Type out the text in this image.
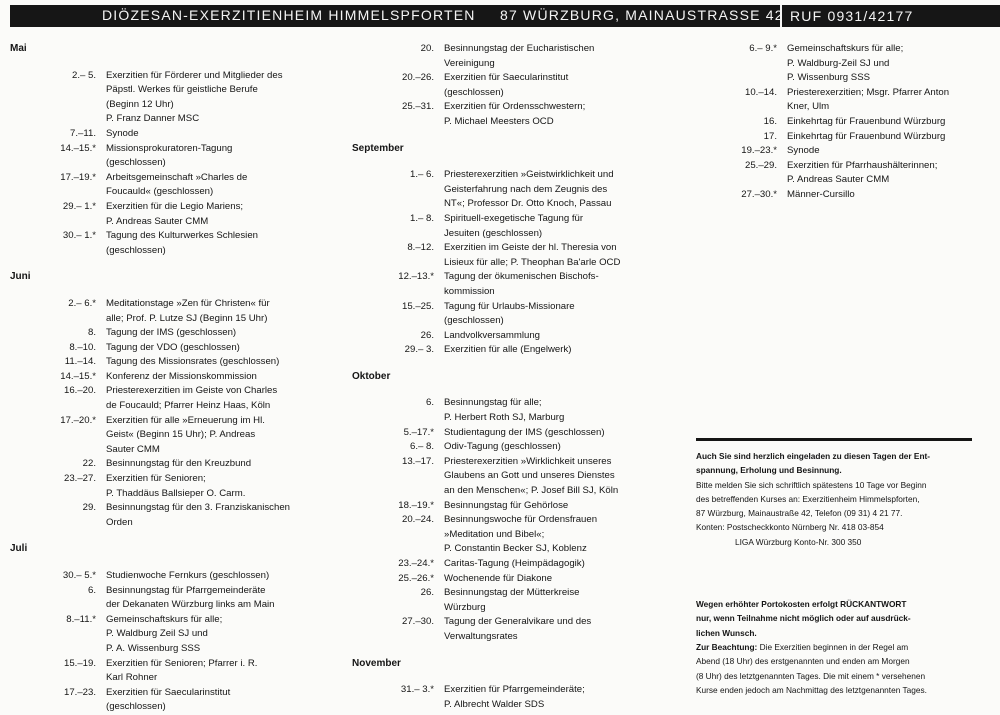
DIÖZESAN-EXERZITIENHEIM HIMMELSPFORTEN 87 WÜRZBURG, MAINAUSTRASSE 42 RUF 0931/42177
Mai
2.– 5.	Exerzitien für Förderer und Mitglieder des
Päpstl. Werkes für geistliche Berufe
(Beginn 12 Uhr)
P. Franz Danner MSC
7.–11.	Synode
14.–15.*	Missionsprokuratoren-Tagung
(geschlossen)
17.–19.*	Arbeitsgemeinschaft »Charles de
Foucauld« (geschlossen)
29.– 1.*	Exerzitien für die Legio Mariens;
P. Andreas Sauter CMM
30.– 1.*	Tagung des Kulturwerkes Schlesien
(geschlossen)
Juni
2.– 6.*	Meditationstage »Zen für Christen« für
alle; Prof. P. Lutze SJ (Beginn 15 Uhr)
8.	Tagung der IMS (geschlossen)
8.–10.	Tagung der VDO (geschlossen)
11.–14.	Tagung des Missionsrates (geschlossen)
14.–15.*	Konferenz der Missionskommission
16.–20.	Priesterexerzitien im Geiste von Charles
de Foucauld; Pfarrer Heinz Haas, Köln
17.–20.*	Exerzitien für alle »Erneuerung im Hl.
Geist« (Beginn 15 Uhr); P. Andreas
Sauter CMM
22.	Besinnungstag für den Kreuzbund
23.–27.	Exerzitien für Senioren;
P. Thaddäus Ballsieper O. Carm.
29.	Besinnungstag für den 3. Franziskanischen
Orden
Juli
30.– 5.*	Studienwoche Fernkurs (geschlossen)
6.	Besinnungstag für Pfarrgemeinderäte
der Dekanaten Würzburg links am Main
8.–11.*	Gemeinschaftskurs für alle;
P. Waldburg Zeil SJ und
P. A. Wissenburg SSS
15.–19.	Exerzitien für Senioren; Pfarrer i. R.
Karl Rohner
17.–23.	Exerzitien für Saecularinstitut
(geschlossen)
20.	Besinnungstag der Eucharistischen
Vereinigung
20.–26.	Exerzitien für Saecularinstitut
(geschlossen)
25.–31.	Exerzitien für Ordensschwestern;
P. Michael Meesters OCD
September
1.– 6.	Priesterexerzitien »Geistwirklichkeit und
Geisterfahrung nach dem Zeugnis des
NT«; Professor Dr. Otto Knoch, Passau
1.– 8.	Spirituell-exegetische Tagung für
Jesuiten (geschlossen)
8.–12.	Exerzitien im Geiste der hl. Theresia von
Lisieux für alle; P. Theophan Ba'arle OCD
12.–13.*	Tagung der ökumenischen Bischofs-
kommission
15.–25.	Tagung für Urlaubs-Missionare
(geschlossen)
26.	Landvolkversammlung
29.– 3.	Exerzitien für alle (Engelwerk)
Oktober
6.	Besinnungstag für alle;
P. Herbert Roth SJ, Marburg
5.–17.*	Studientagung der IMS (geschlossen)
6.– 8.	Odiv-Tagung (geschlossen)
13.–17.	Priesterexerzitien »Wirklichkeit unseres
Glaubens an Gott und unseres Dienstes
an den Menschen«; P. Josef Bill SJ, Köln
18.–19.*	Besinnungstag für Gehörlose
20.–24.	Besinnungswoche für Ordensfrauen
»Meditation und Bibel«;
P. Constantin Becker SJ, Koblenz
23.–24.*	Caritas-Tagung (Heimpädagogik)
25.–26.*	Wochenende für Diakone
26.	Besinnungstag der Mütterkreise
Würzburg
27.–30.	Tagung der Generalvikare und des
Verwaltungsrates
November
31.– 3.*	Exerzitien für Pfarrgemeinderäte;
P. Albrecht Walder SDS
6.– 9.*	Gemeinschaftskurs für alle;
P. Waldburg-Zeil SJ und
P. Wissenburg SSS
10.–14.	Priesterexerzitien; Msgr. Pfarrer Anton
Kner, Ulm
16.	Einkehrtag für Frauenbund Würzburg
17.	Einkehrtag für Frauenbund Würzburg
19.–23.*	Synode
25.–29.	Exerzitien für Pfarrhaushälterinnen;
P. Andreas Sauter CMM
27.–30.*	Männer-Cursillo
Auch Sie sind herzlich eingeladen zu diesen Tagen der Ent-
spannung, Erholung und Besinnung.
Bitte melden Sie sich schriftlich spätestens 10 Tage vor Beginn
des betreffenden Kurses an: Exerzitienheim Himmelspforten,
87 Würzburg, Mainaustraße 42, Telefon (09 31) 4 21 77.
Konten: Postscheckkonto Nürnberg Nr. 418 03-854
LIGA Würzburg Konto-Nr. 300 350
Wegen erhöhter Portokosten erfolgt RÜCKANTWORT
nur, wenn Teilnahme nicht möglich oder auf ausdrück-
lichen Wunsch.
Zur Beachtung: Die Exerzitien beginnen in der Regel am
Abend (18 Uhr) des erstgenannten und enden am Morgen
(8 Uhr) des letztgenannten Tages. Die mit einem * versehenen
Kurse enden jedoch am Nachmittag des letztgenannten Tages.
